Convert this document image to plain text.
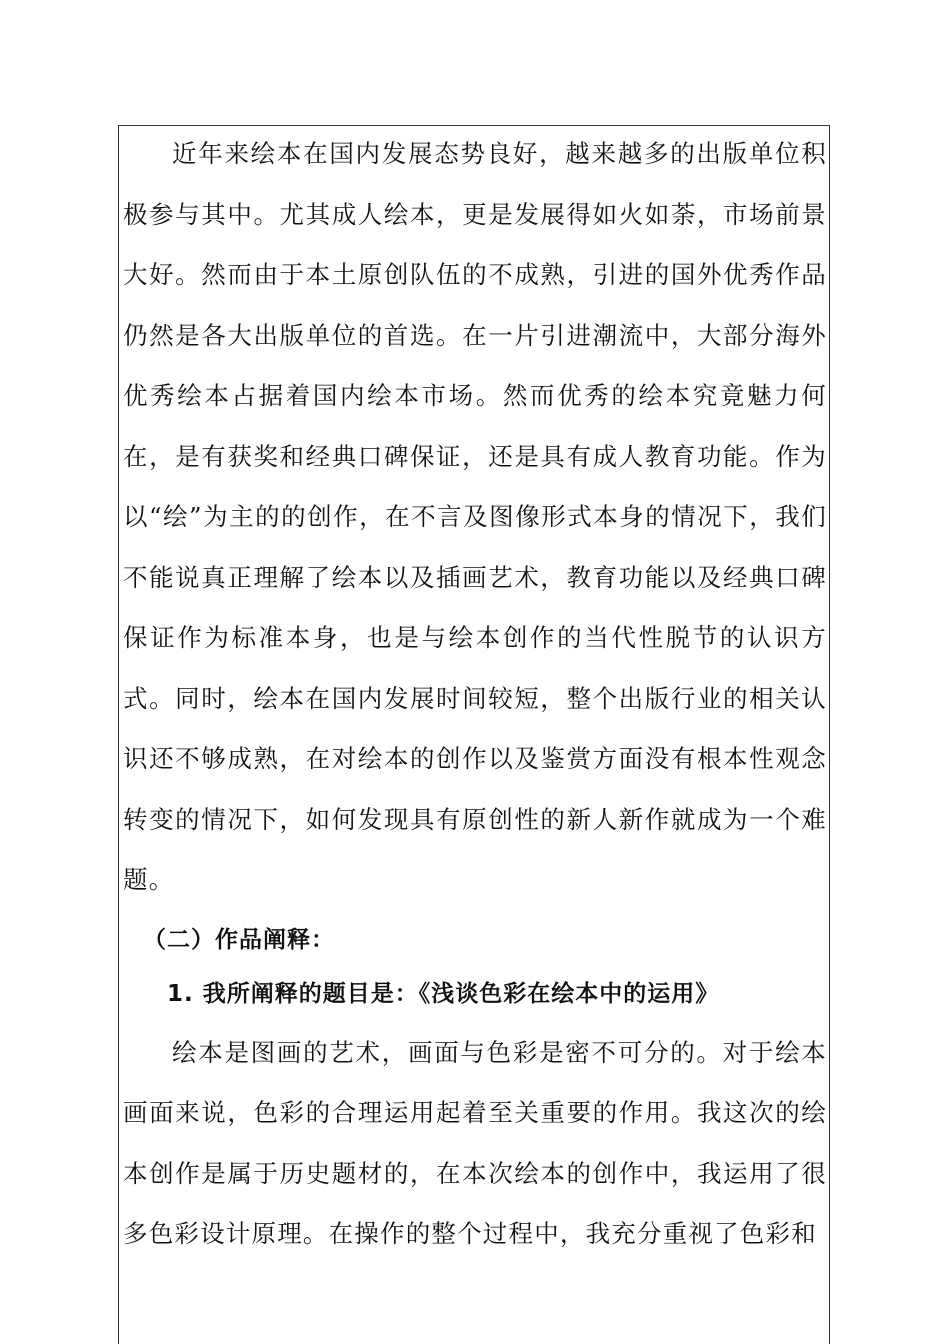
近年来绘本在国内发展态势良好，越来越多的出版单位积极参与其中。尤其成人绘本，更是发展得如火如荼，市场前景大好。然而由于本土原创队伍的不成熟，引进的国外优秀作品仍然是各大出版单位的首选。在一片引进潮流中，大部分海外优秀绘本占据着国内绘本市场。然而优秀的绘本究竟魅力何在，是有获奖和经典口碑保证，还是具有成人教育功能。作为以“绘”为主的的创作，在不言及图像形式本身的情况下，我们不能说真正理解了绘本以及插画艺术，教育功能以及经典口碑保证作为标准本身，也是与绘本创作的当代性脱节的认识方式。同时，绘本在国内发展时间较短，整个出版行业的相关认识还不够成熟，在对绘本的创作以及鉴赏方面没有根本性观念转变的情况下，如何发现具有原创性的新人新作就成为一个难题。

（二）作品阐释：

1. 我所阐释的题目是：《浅谈色彩在绘本中的运用》

绘本是图画的艺术，画面与色彩是密不可分的。对于绘本画面来说，色彩的合理运用起着至关重要的作用。我这次的绘本创作是属于历史题材的，在本次绘本的创作中，我运用了很多色彩设计原理。在操作的整个过程中，我充分重视了色彩和
